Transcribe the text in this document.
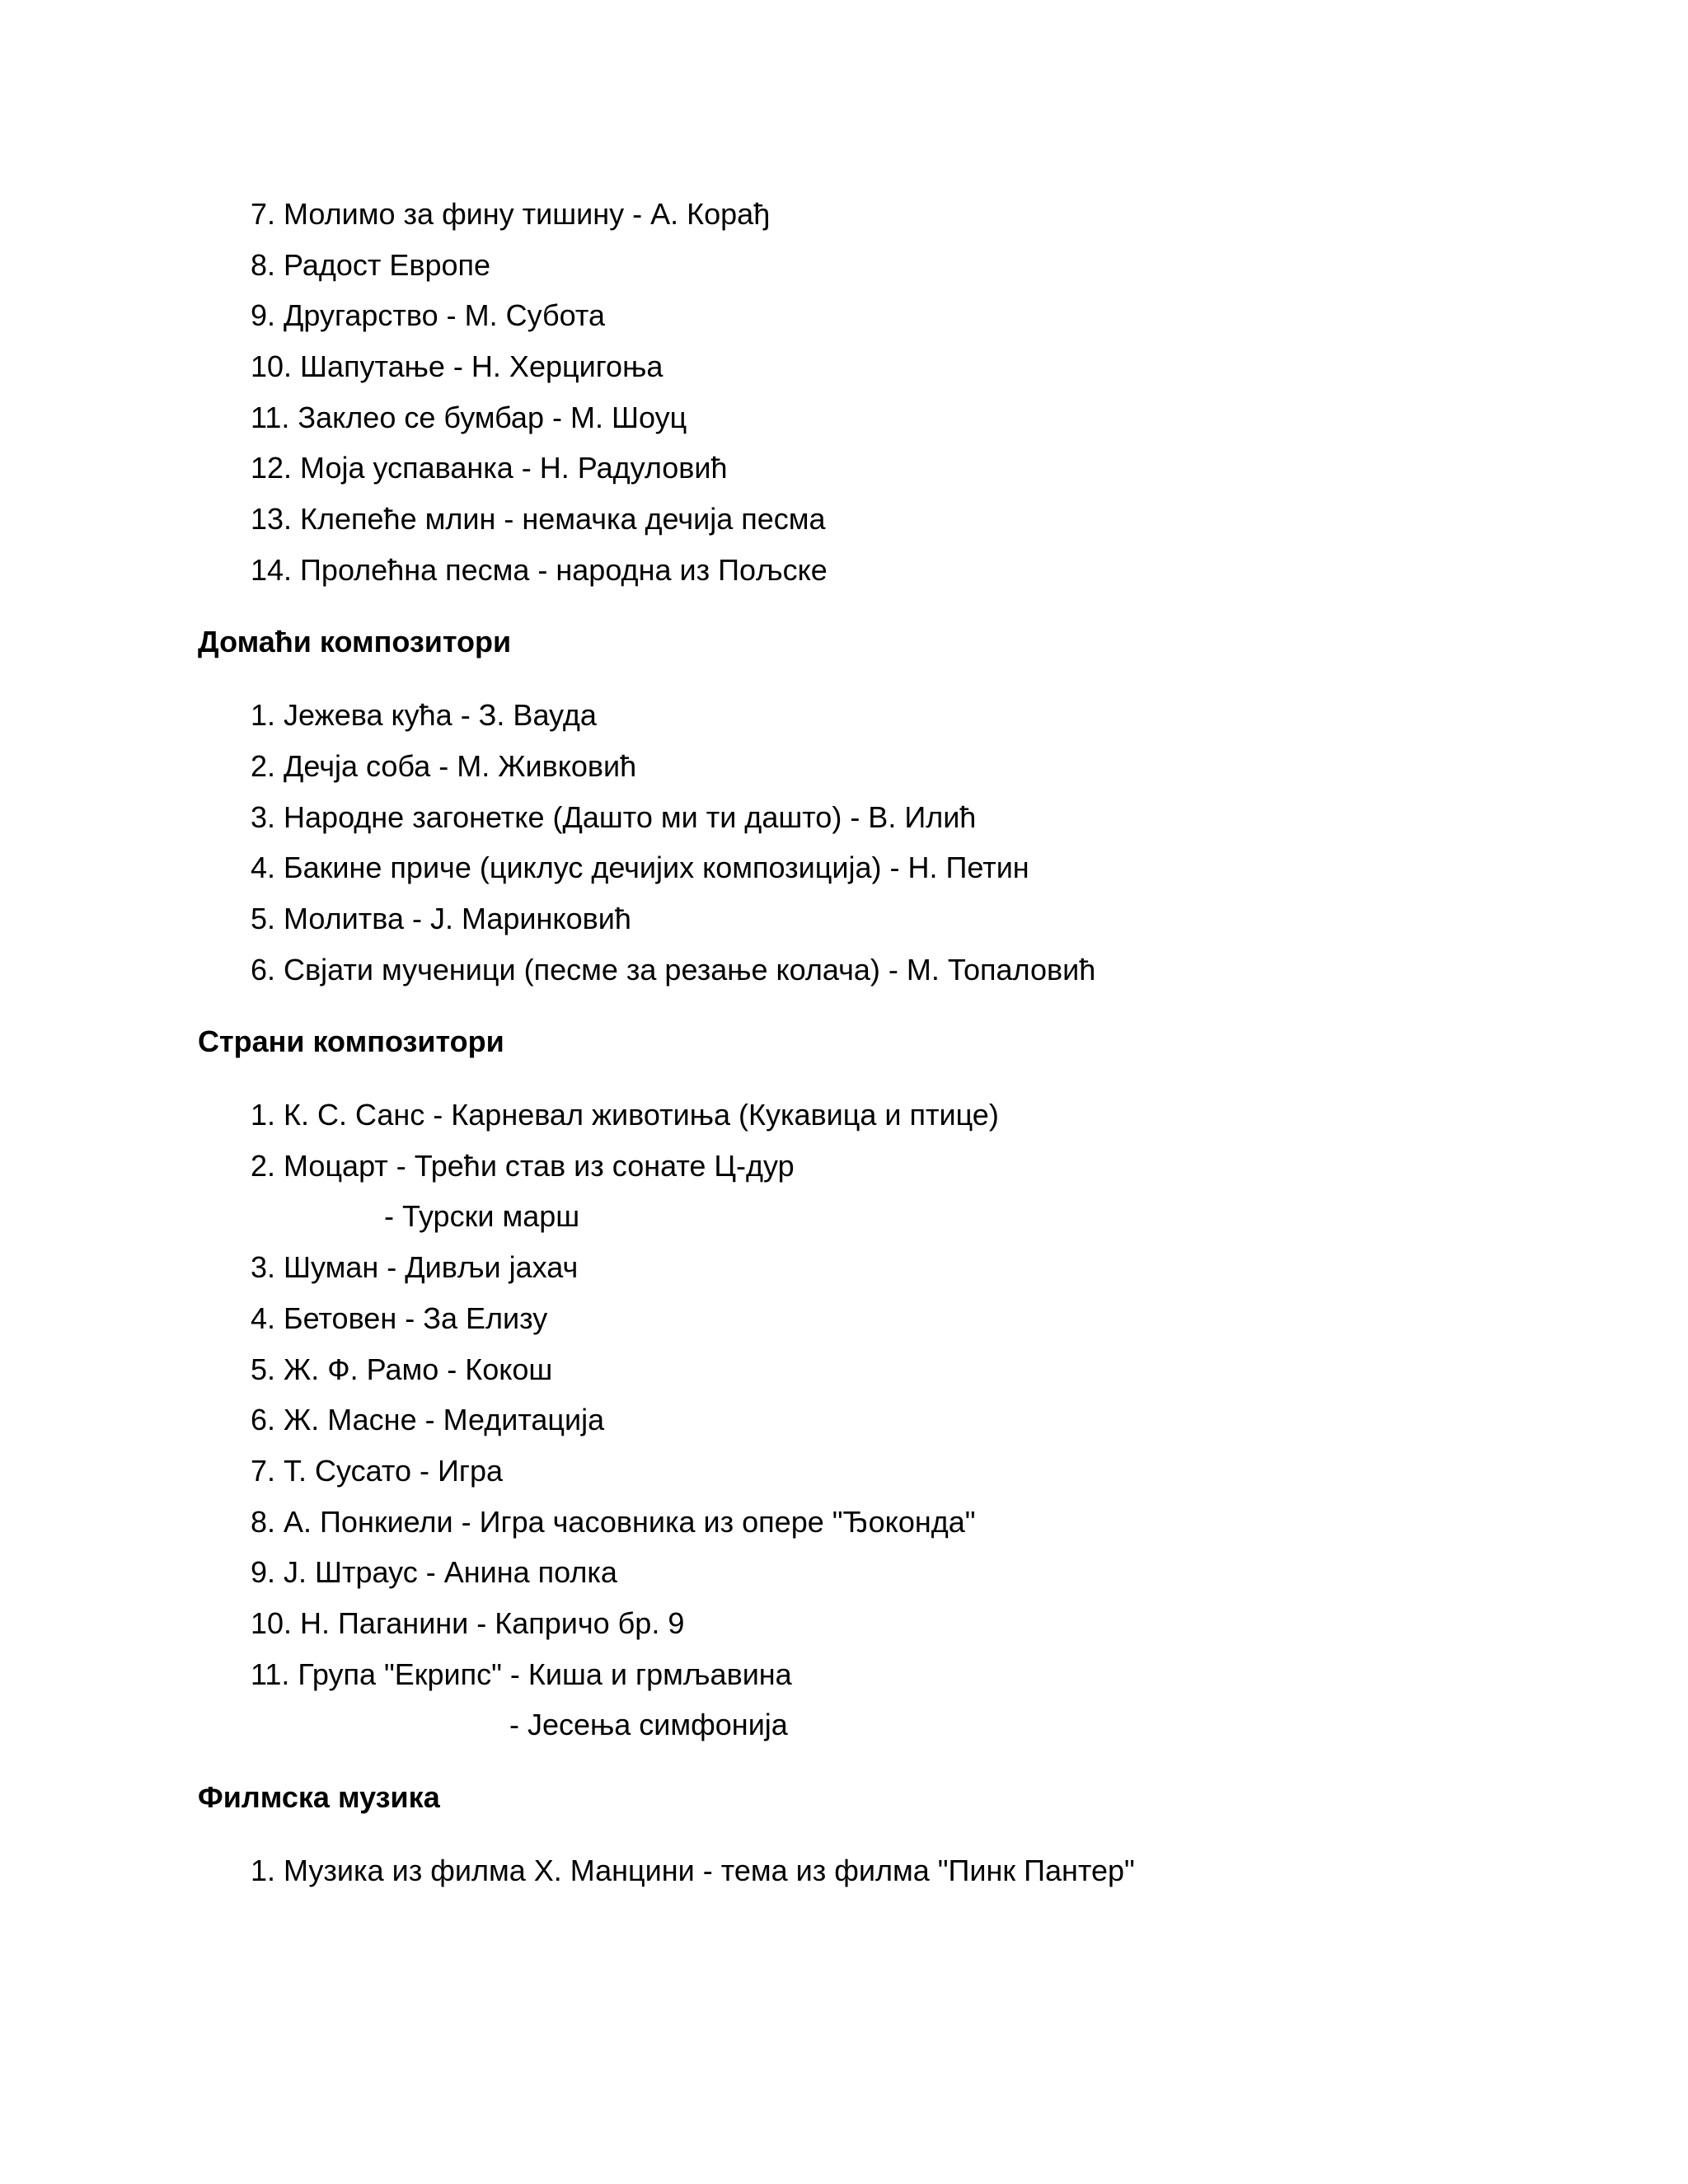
7. Молимо за фину тишину - А. Корађ
8. Радост Европе
9. Другарство - М. Субота
10. Шапутање - Н. Херцигоња
11. Заклео се бумбар - М. Шоуц
12. Моја успаванка - Н. Радуловић
13. Клепеће млин - немачка дечија песма
14. Пролећна песма - народна из Пољске
Домаћи композитори
1. Јежева кућа - З. Ваудa
2. Дечја соба - М. Живковић
3. Народне загонетке (Дашто ми ти дашто) - В. Илић
4. Бакине приче (циклус дечијих композиција) - Н. Петин
5. Молитва - Ј. Маринковић
6. Свјати мученици (песме за резање колача) - М. Топаловић
Страни композитори
1. К. С. Санс - Карневал животиња (Кукавица и птице)
2. Моцарт - Трећи став из сонате Ц-дур
- Турски марш
3. Шуман - Дивљи јахач
4. Бетовен - За Елизу
5. Ж. Ф. Рамо - Кокош
6. Ж. Масне - Медитација
7. Т. Сусато - Игра
8. А. Понкиели - Игра часовника из опере "Ђоконда"
9. Ј. Штраус - Анина полка
10. Н. Паганини - Капричо бр. 9
11. Група "Екрипс" - Киша и грмљавина
- Јесења симфонија
Филмска музика
1. Музика из филма Х. Манцини - тема из филма "Пинк Пантер"
